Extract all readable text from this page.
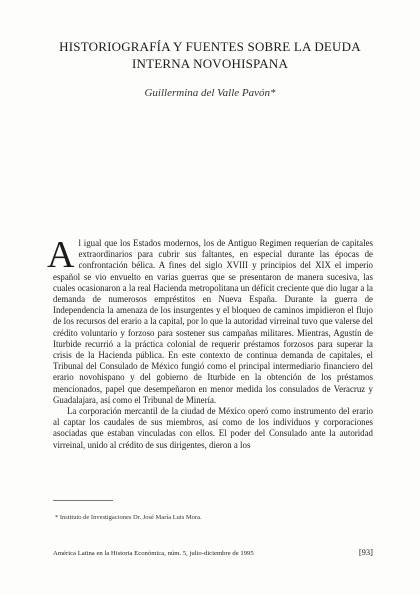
HISTORIOGRAFÍA Y FUENTES SOBRE LA DEUDA
INTERNA NOVOHISPANA
Guillermina del Valle Pavón*

Al igual que los Estados modernos, los de Antiguo Regimen requerían de capitales extraordinarios para cubrir sus faltantes, en especial durante las épocas de confrontación bélica. A fines del siglo XVIII y principios del XIX el imperio español se vio envuelto en varias guerras que se presentaron de manera sucesiva, las cuales ocasionaron a la real Hacienda metropolitana un déficit creciente que dio lugar a la demanda de numerosos empréstitos en Nueva España. Durante la guerra de Independencia la amenaza de los insurgentes y el bloqueo de caminos impidieron el flujo de los recursos del erario a la capital, por lo que la autoridad virreinal tuvo que valerse del crédito voluntario y forzoso para sostener sus campañas militares. Mientras, Agustín de Iturbide recurrió a la práctica colonial de requerir préstamos forzosos para superar la crisis de la Hacienda pública. En este contexto de continua demanda de capitales, el Tribunal del Consulado de México fungió como el principal intermediario financiero del erario novohispano y del gobierno de Iturbide en la obtención de los préstamos mencionados, papel que desempeñaron en menor medida los consulados de Veracruz y Guadalajara, así como el Tribunal de Minería.

La corporación mercantil de la ciudad de México operó como instrumento del erario al captar los caudales de sus miembros, así como de los individuos y corporaciones asociadas que estaban vinculadas con ellos. El poder del Consulado ante la autoridad virreinal, unido al crédito de sus dirigentes, dieron a los

* Instituto de Investigaciones Dr. José María Luis Mora.
América Latina en la Historia Económica, núm. 5, julio-diciembre de 1995	[93]
